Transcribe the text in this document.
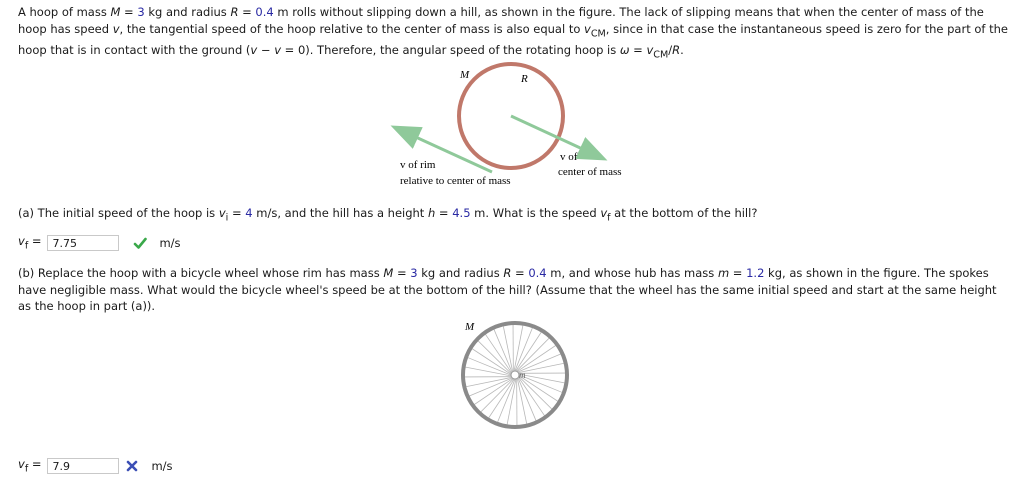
A hoop of mass M = 3 kg and radius R = 0.4 m rolls without slipping down a hill, as shown in the figure. The lack of slipping means that when the center of mass of the hoop has speed v, the tangential speed of the hoop relative to the center of mass is also equal to $v_{CM}$, since in that case the instantaneous speed is zero for the part of the hoop that is in contact with the ground (v − v = 0). Therefore, the angular speed of the rotating hoop is $\omega = v_{CM}/R$.
M	R
v of rim
relative to center of mass
v of
center of mass
(a) The initial speed of the hoop is $v_i = 4$ m/s, and the hill has a height h = 4.5 m. What is the speed $v_f$ at the bottom of the hill?
$v_f$ =	7.75	m/s
(b) Replace the hoop with a bicycle wheel whose rim has mass M = 3 kg and radius R = 0.4 m, and whose hub has mass m = 1.2 kg, as shown in the figure. The spokes have negligible mass. What would the bicycle wheel's speed be at the bottom of the hill? (Assume that the wheel has the same initial speed and start at the same height as the hoop in part (a)).
M
m
$v_f$ =	7.9	m/s
